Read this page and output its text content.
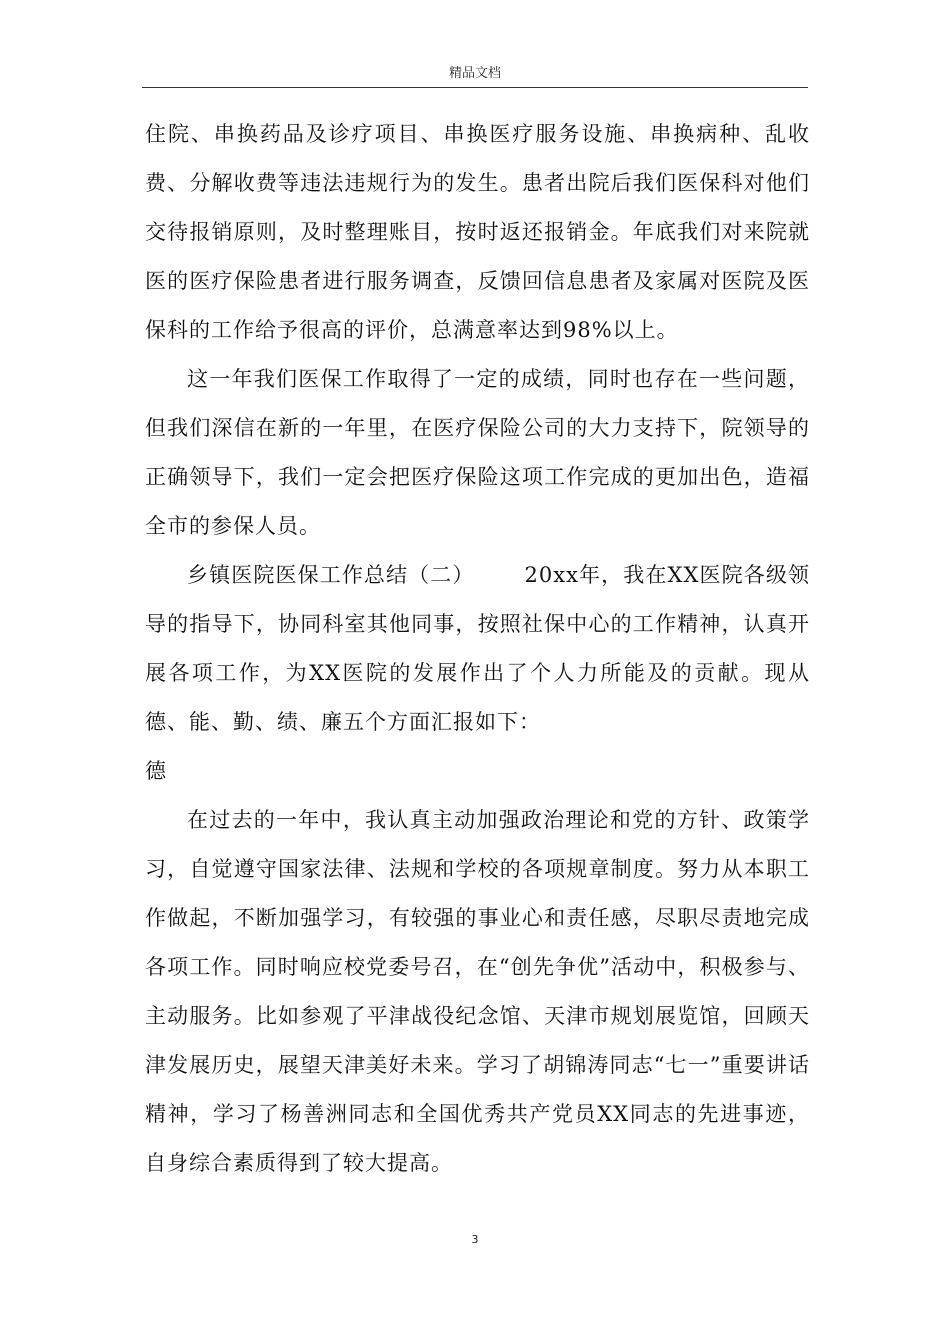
精品文档

住院、串换药品及诊疗项目、串换医疗服务设施、串换病种、乱收费、分解收费等违法违规行为的发生。患者出院后我们医保科对他们交待报销原则，及时整理账目，按时返还报销金。年底我们对来院就医的医疗保险患者进行服务调查，反馈回信息患者及家属对医院及医保科的工作给予很高的评价，总满意率达到98%以上。

这一年我们医保工作取得了一定的成绩，同时也存在一些问题，但我们深信在新的一年里，在医疗保险公司的大力支持下，院领导的正确领导下，我们一定会把医疗保险这项工作完成的更加出色，造福全市的参保人员。

乡镇医院医保工作总结（二） 20xx年，我在XX医院各级领导的指导下，协同科室其他同事，按照社保中心的工作精神，认真开展各项工作，为XX医院的发展作出了个人力所能及的贡献。现从德、能、勤、绩、廉五个方面汇报如下：

德

在过去的一年中，我认真主动加强政治理论和党的方针、政策学习，自觉遵守国家法律、法规和学校的各项规章制度。努力从本职工作做起，不断加强学习，有较强的事业心和责任感，尽职尽责地完成各项工作。同时响应校党委号召，在“创先争优”活动中，积极参与、主动服务。比如参观了平津战役纪念馆、天津市规划展览馆，回顾天津发展历史，展望天津美好未来。学习了胡锦涛同志“七一”重要讲话精神，学习了杨善洲同志和全国优秀共产党员XX同志的先进事迹，自身综合素质得到了较大提高。

3
